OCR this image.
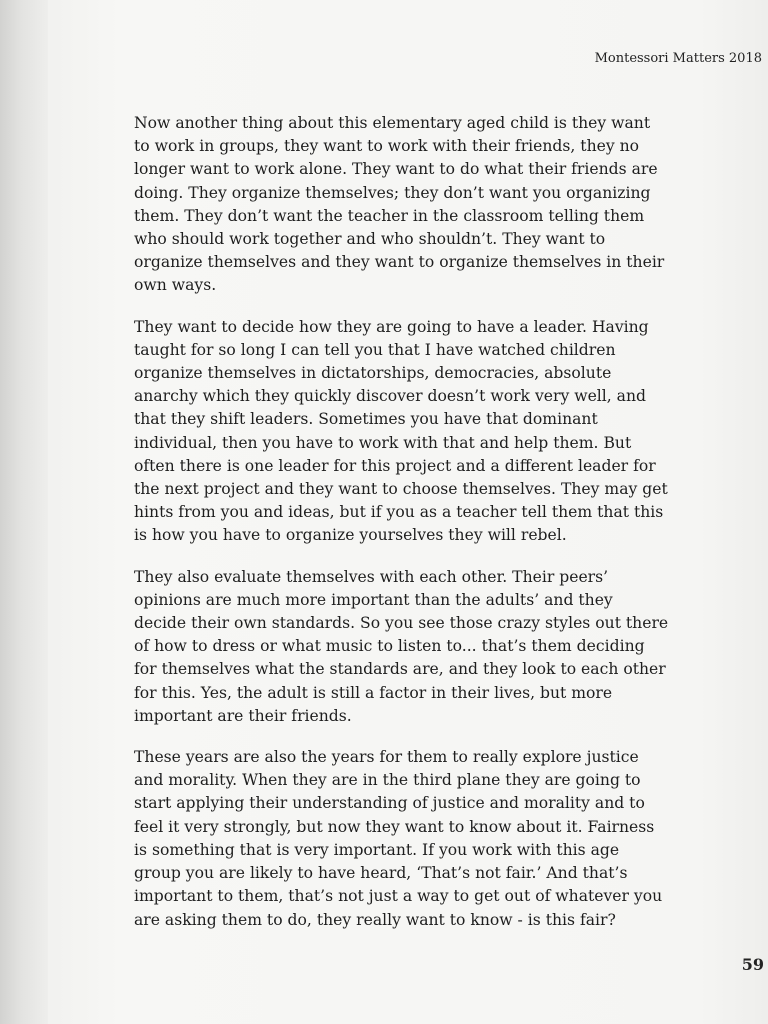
Montessori Matters 2018

Now another thing about this elementary aged child is they want
to work in groups, they want to work with their friends, they no
longer want to work alone. They want to do what their friends are
doing. They organize themselves; they don’t want you organizing
them. They don’t want the teacher in the classroom telling them
who should work together and who shouldn’t. They want to
organize themselves and they want to organize themselves in their
own ways.

They want to decide how they are going to have a leader. Having
taught for so long I can tell you that I have watched children
organize themselves in dictatorships, democracies, absolute
anarchy which they quickly discover doesn’t work very well, and
that they shift leaders. Sometimes you have that dominant
individual, then you have to work with that and help them. But
often there is one leader for this project and a different leader for
the next project and they want to choose themselves. They may get
hints from you and ideas, but if you as a teacher tell them that this
is how you have to organize yourselves they will rebel.

They also evaluate themselves with each other. Their peers’
opinions are much more important than the adults’ and they
decide their own standards. So you see those crazy styles out there
of how to dress or what music to listen to... that’s them deciding
for themselves what the standards are, and they look to each other
for this. Yes, the adult is still a factor in their lives, but more
important are their friends.

These years are also the years for them to really explore justice
and morality. When they are in the third plane they are going to
start applying their understanding of justice and morality and to
feel it very strongly, but now they want to know about it. Fairness
is something that is very important. If you work with this age
group you are likely to have heard, ‘That’s not fair.’ And that’s
important to them, that’s not just a way to get out of whatever you
are asking them to do, they really want to know - is this fair?

59
